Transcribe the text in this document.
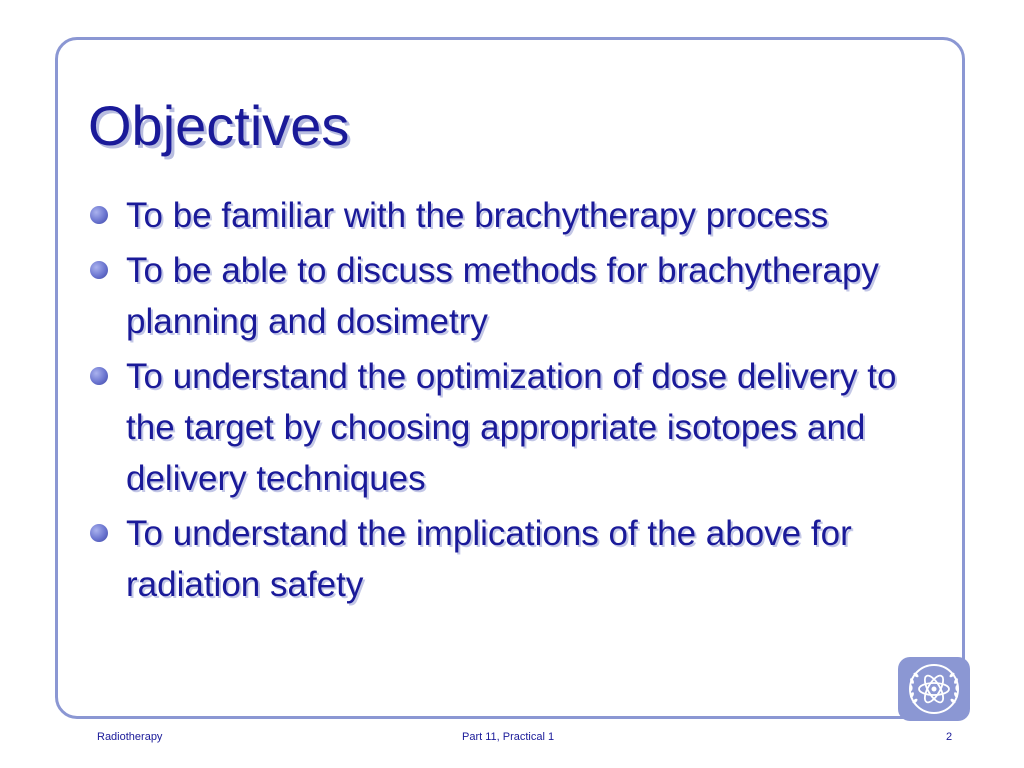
Objectives
To be familiar with the brachytherapy process
To be able to discuss methods for brachytherapy planning and dosimetry
To understand the optimization of dose delivery to the target by choosing appropriate isotopes and delivery techniques
To understand the implications of the above for radiation safety
Radiotherapy	Part 11, Practical 1	2
